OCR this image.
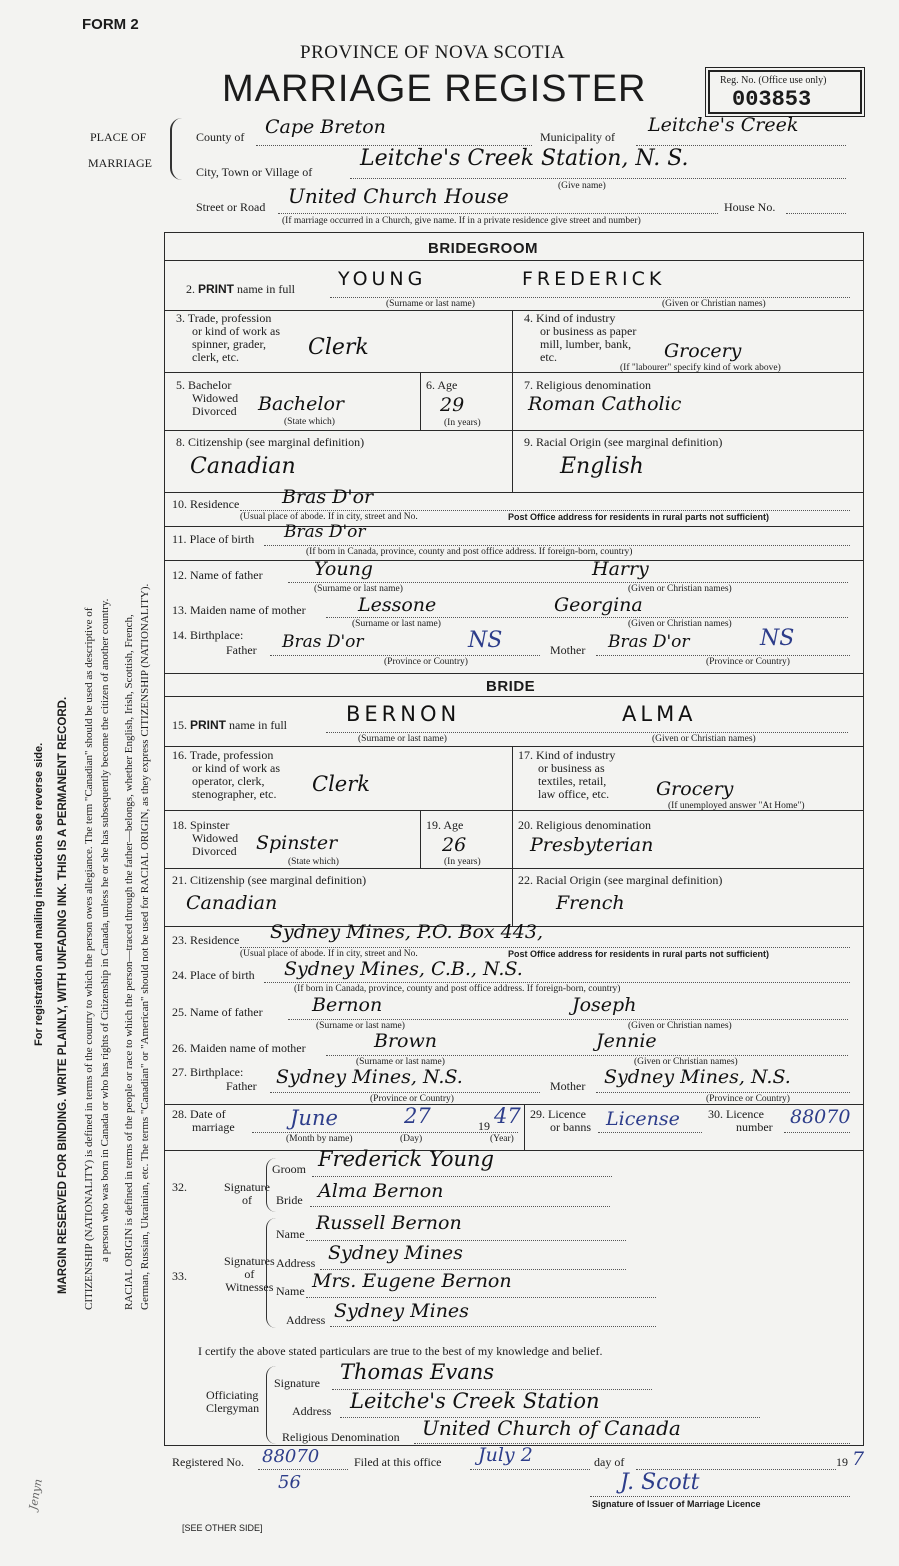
FORM 2
PROVINCE OF NOVA SCOTIA
MARRIAGE REGISTER	Reg. No. (Office use only)
003853
PLACE OF
MARRIAGE
County of Cape Breton	Municipality of
Leitche's Creek
City, Town or Village of
Leitche's Creek Station, N. S.
(Give name)
Street or Road United Church House	House No.
(If marriage occurred in a Church, give name. If in a private residence give street and number)
For registration and mailing instructions see reverse side. MARGIN RESERVED FOR BINDING. WRITE PLAINLY, WITH UNFADING INK. THIS IS A PERMANENT RECORD. CITIZENSHIP (NATIONALITY) is defined in terms of the country to which the person owes allegiance. The term "Canadian" should be used as descriptive of a person who was born in Canada or who has rights of Citizenship in Canada, unless he or she has subsequently become the citizen of another country. RACIAL ORIGIN is defined in terms of the people or race to which the person—traced through the father—belongs, whether English, Irish, Scottish, French, German, Russian, Ukrainian, etc. The terms "Canadian" or "American" should not be used for RACIAL ORIGIN, as they express CITIZENSHIP (NATIONALITY).
BRIDEGROOM
2. PRINT name in full YOUNG	FREDERICK
(Surname or last name)	(Given or Christian names)
3. Trade, profession
or kind of work as
spinner, grader,
clerk, etc.	Clerk
4. Kind of industry
or business as paper
mill, lumber, bank,
etc.	Grocery
(If "labourer" specify kind of work above)
5. Bachelor
Widowed
Divorced Bachelor
(State which)
6. Age
29
(In years)
7. Religious denomination
Roman Catholic
8. Citizenship (see marginal definition)
Canadian
9. Racial Origin (see marginal definition)
English
10. Residence Bras D'or
(Usual place of abode. If in city, street and No.	Post Office address for residents in rural parts not sufficient)
11. Place of birth Bras D'or
(If born in Canada, province, county and post office address. If foreign-born, country)
12. Name of father	Young	Harry
(Surname or last name)	(Given or Christian names)
13. Maiden name of mother	Lessone	Georgina
(Surname or last name)	(Given or Christian names)
14. Birthplace:
Father Bras D'or	NS
(Province or Country)
Mother Bras D'or	NS
(Province or Country)
BRIDE
15. PRINT name in full	BERNON	ALMA
(Surname or last name)	(Given or Christian names)
16. Trade, profession
or kind of work as
operator, clerk,
stenographer, etc. Clerk
17. Kind of industry
or business as
textiles, retail,
law office, etc.	Grocery
(If unemployed answer "At Home")
18. Spinster
Widowed
Divorced Spinster
(State which)
19. Age
26
(In years)
20. Religious denomination
Presbyterian
21. Citizenship (see marginal definition)
Canadian
22. Racial Origin (see marginal definition)
French
23. Residence Sydney Mines, P.O. Box 443,
(Usual place of abode. If in city, street and No.	Post Office address for residents in rural parts not sufficient)
24. Place of birth Sydney Mines, C.B., N.S.
(If born in Canada, province, county and post office address. If foreign-born, country)
25. Name of father	Bernon	Joseph
(Surname or last name)	(Given or Christian names)
26. Maiden name of mother	Brown	Jennie
(Surname or last name)	(Given or Christian names)
27. Birthplace:
Father Sydney Mines, N.S.
(Province or Country)
Mother Sydney Mines, N.S.
(Province or Country)
28. Date of
marriage	June	27	19 47
(Month by name)	(Day)	(Year)
29. Licence
or banns License 30. Licence
number 88070
32.	Signature
of
Groom Frederick Young
Bride Alma Bernon
33.
Signatures
of
Witnesses
Name Russell Bernon
Address Sydney Mines
Name Mrs. Eugene Bernon
Address Sydney Mines
I certify the above stated particulars are true to the best of my knowledge and belief.
Officiating
Clergyman
Signature Thomas Evans
Address Leitche's Creek Station
Religious Denomination United Church of Canada
Registered No. 88070
56
Filed at this office July 2	day of	19 7
J. Scott
Signature of Issuer of Marriage Licence
[SEE OTHER SIDE]
Jenyn
